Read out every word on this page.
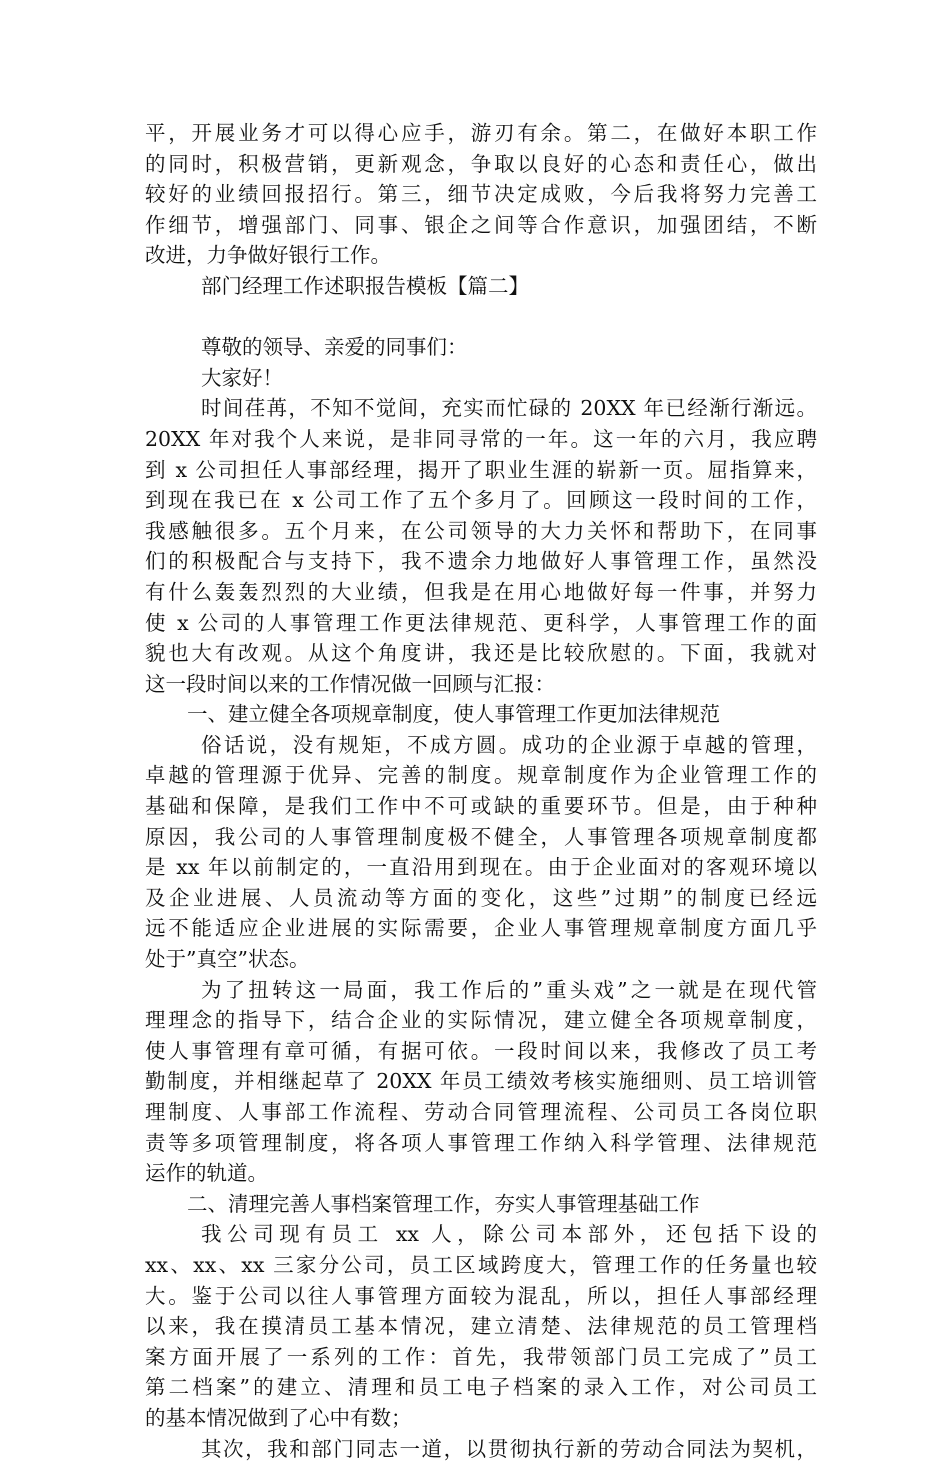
平，开展业务才可以得心应手，游刃有余。第二，在做好本职工作
的同时，积极营销，更新观念，争取以良好的心态和责任心，做出
较好的业绩回报招行。第三，细节决定成败，今后我将努力完善工
作细节，增强部门、同事、银企之间等合作意识，加强团结，不断
改进，力争做好银行工作。
部门经理工作述职报告模板【篇二】
尊敬的领导、亲爱的同事们：
大家好！
时间荏苒，不知不觉间，充实而忙碌的 20XX 年已经渐行渐远。
20XX 年对我个人来说，是非同寻常的一年。这一年的六月，我应聘
到 x 公司担任人事部经理，揭开了职业生涯的崭新一页。屈指算来，
到现在我已在 x 公司工作了五个多月了。回顾这一段时间的工作，
我感触很多。五个月来，在公司领导的大力关怀和帮助下，在同事
们的积极配合与支持下，我不遗余力地做好人事管理工作，虽然没
有什么轰轰烈烈的大业绩，但我是在用心地做好每一件事，并努力
使 x 公司的人事管理工作更法律规范、更科学，人事管理工作的面
貌也大有改观。从这个角度讲，我还是比较欣慰的。下面，我就对
这一段时间以来的工作情况做一回顾与汇报：
一、建立健全各项规章制度，使人事管理工作更加法律规范
俗话说，没有规矩，不成方圆。成功的企业源于卓越的管理，
卓越的管理源于优异、完善的制度。规章制度作为企业管理工作的
基础和保障，是我们工作中不可或缺的重要环节。但是，由于种种
原因，我公司的人事管理制度极不健全，人事管理各项规章制度都
是 xx 年以前制定的，一直沿用到现在。由于企业面对的客观环境以
及企业进展、人员流动等方面的变化，这些”过期”的制度已经远
远不能适应企业进展的实际需要，企业人事管理规章制度方面几乎
处于”真空”状态。
为了扭转这一局面，我工作后的”重头戏”之一就是在现代管
理理念的指导下，结合企业的实际情况，建立健全各项规章制度，
使人事管理有章可循，有据可依。一段时间以来，我修改了员工考
勤制度，并相继起草了 20XX 年员工绩效考核实施细则、员工培训管
理制度、人事部工作流程、劳动合同管理流程、公司员工各岗位职
责等多项管理制度，将各项人事管理工作纳入科学管理、法律规范
运作的轨道。
二、清理完善人事档案管理工作，夯实人事管理基础工作
我公司现有员工 xx 人，除公司本部外，还包括下设的
xx、xx、xx 三家分公司，员工区域跨度大，管理工作的任务量也较
大。鉴于公司以往人事管理方面较为混乱，所以，担任人事部经理
以来，我在摸清员工基本情况，建立清楚、法律规范的员工管理档
案方面开展了一系列的工作：首先，我带领部门员工完成了”员工
第二档案”的建立、清理和员工电子档案的录入工作，对公司员工
的基本情况做到了心中有数；
其次，我和部门同志一道，以贯彻执行新的劳动合同法为契机，
